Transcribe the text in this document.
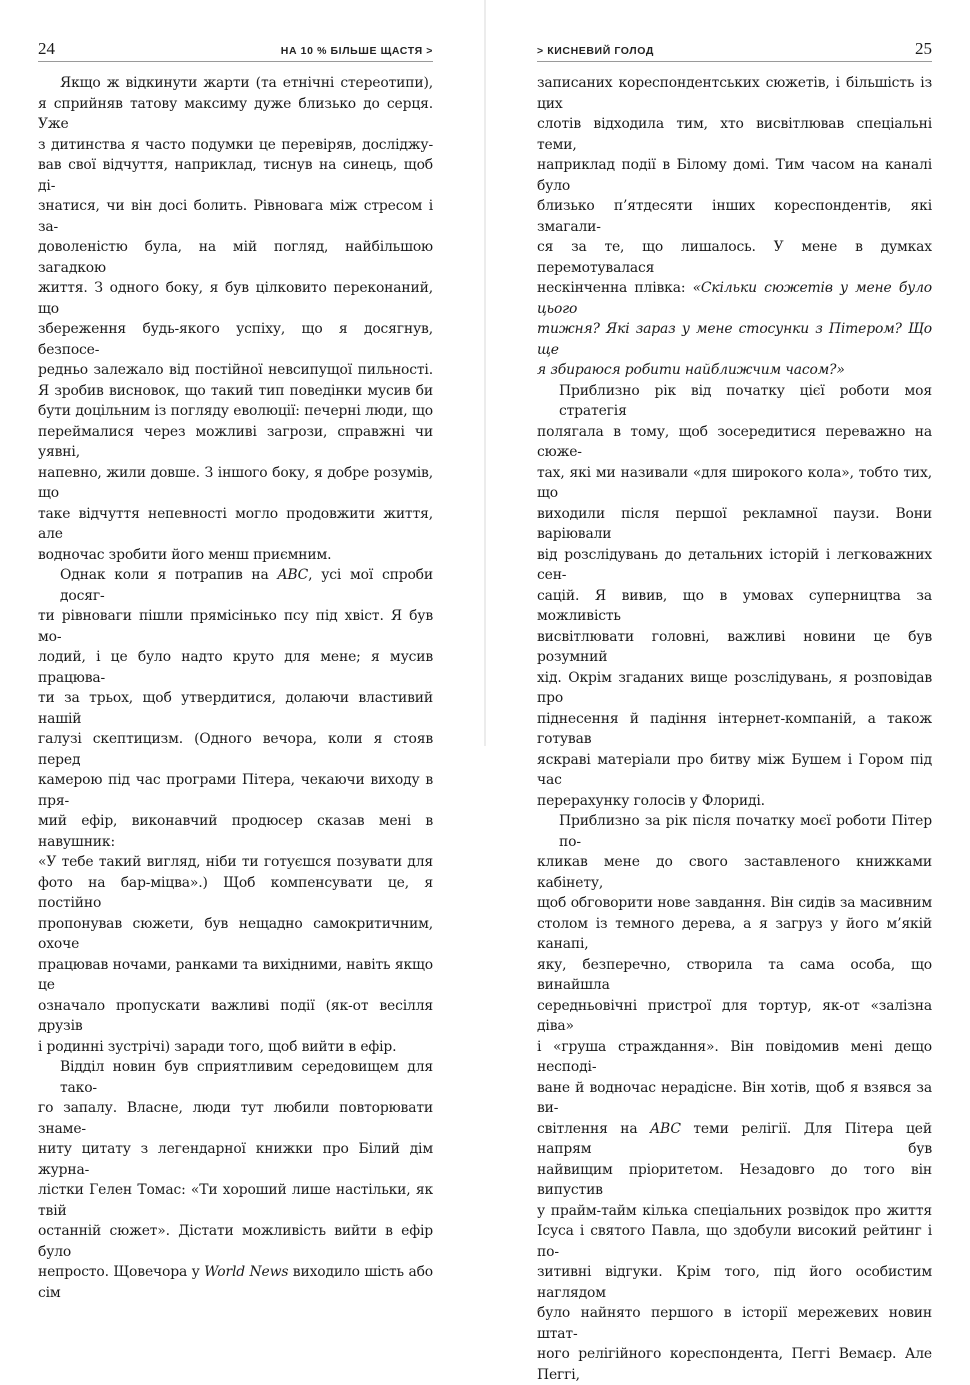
24	НА 10 % БІЛЬШЕ ЩАСТЯ >
Якщо ж відкинути жарти (та етнічні стереотипи),
я сприйняв татову максиму дуже близько до серця. Уже
з дитинства я часто подумки це перевіряв, досліджу-
вав свої відчуття, наприклад, тиснув на синець, щоб ді-
знатися, чи він досі болить. Рівновага між стресом і за-
доволеністю була, на мій погляд, найбільшою загадкою
життя. З одного боку, я був цілковито переконаний, що
збереження будь-якого успіху, що я досягнув, безпосе-
редньо залежало від постійної невсипущої пильності.
Я зробив висновок, що такий тип поведінки мусив би
бути доцільним із погляду еволюції: печерні люди, що
переймалися через можливі загрози, справжні чи уявні,
напевно, жили довше. З іншого боку, я добре розумів, що
таке відчуття непевності могло продовжити життя, але
водночас зробити його менш приємним.
Однак коли я потрапив на ABC, усі мої спроби досяг-
ти рівноваги пішли прямісінько псу під хвіст. Я був мо-
лодий, і це було надто круто для мене; я мусив працюва-
ти за трьох, щоб утвердитися, долаючи властивий нашій
галузі скептицизм. (Одного вечора, коли я стояв перед
камерою під час програми Пітера, чекаючи виходу в пря-
мий ефір, виконавчий продюсер сказав мені в навушник:
«У тебе такий вигляд, ніби ти готуєшся позувати для
фото на бар-міцва».) Щоб компенсувати це, я постійно
пропонував сюжети, був нещадно самокритичним, охоче
працював ночами, ранками та вихідними, навіть якщо це
означало пропускати важливі події (як-от весілля друзів
і родинні зустрічі) заради того, щоб вийти в ефір.
Відділ новин був сприятливим середовищем для тако-
го запалу. Власне, люди тут любили повторювати знаме-
ниту цитату з легендарної книжки про Білий дім журна-
лістки Гелен Томас: «Ти хороший лише настільки, як твій
останній сюжет». Дістати можливість вийти в ефір було
непросто. Щовечора у World News виходило шість або сім
> КИСНЕВИЙ ГОЛОД	25
записаних кореспондентських сюжетів, і більшість із цих
слотів відходила тим, хто висвітлював спеціальні теми,
наприклад події в Білому домі. Тим часом на каналі було
близько п’ятдесяти інших кореспондентів, які змагали-
ся за те, що лишалось. У мене в думках перемотувалася
нескінченна плівка: «Скільки сюжетів у мене було цього
тижня? Які зараз у мене стосунки з Пітером? Що ще
я збираюся робити найближчим часом?»
Приблизно рік від початку цієї роботи моя стратегія
полягала в тому, щоб зосередитися переважно на сюже-
тах, які ми називали «для широкого кола», тобто тих, що
виходили після першої рекламної паузи. Вони варіювали
від розслідувань до детальних історій і легковажних сен-
сацій. Я вивив, що в умовах суперництва за можливість
висвітлювати головні, важливі новини це був розумний
хід. Окрім згаданих вище розслідувань, я розповідав про
піднесення й падіння інтернет-компаній, а також готував
яскраві матеріали про битву між Бушем і Гором під час
перерахунку голосів у Флориді.
Приблизно за рік після початку моєї роботи Пітер по-
кликав мене до свого заставленого книжками кабінету,
щоб обговорити нове завдання. Він сидів за масивним
столом із темного дерева, а я загруз у його м’якій канапі,
яку, безперечно, створила та сама особа, що винайшла
середньовічні пристрої для тортур, як-от «залізна діва»
і «груша страждання». Він повідомив мені дещо несподі-
ване й водночас нерадісне. Він хотів, щоб я взявся за ви-
світлення на ABC теми релігії. Для Пітера цей напрям був
найвищим пріоритетом. Незадовго до того він випустив
у прайм-тайм кілька спеціальних розвідок про життя
Ісуса і святого Павла, що здобули високий рейтинг і по-
зитивні відгуки. Крім того, під його особистим наглядом
було найнято першого в історії мережевих новин штат-
ного релігійного кореспондента, Пеггі Вемаєр. Але Пеггі,
